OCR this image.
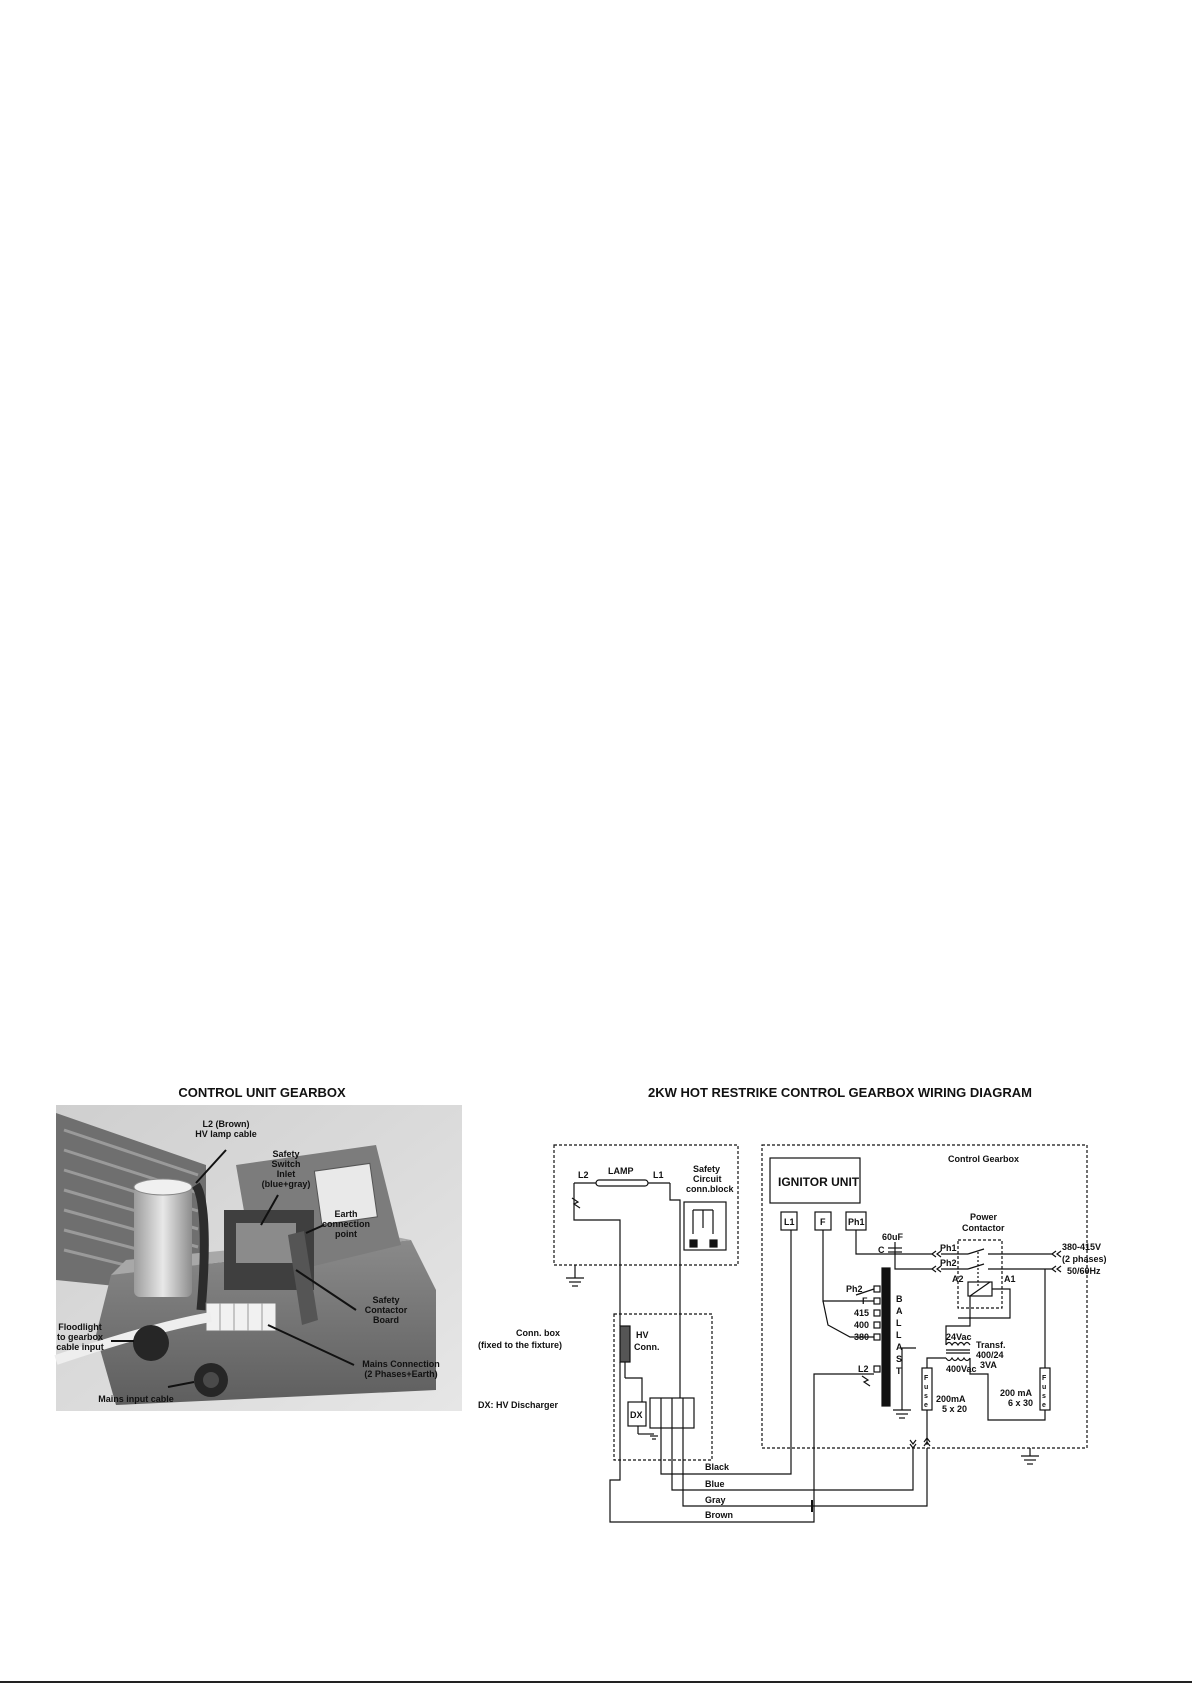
CONTROL UNIT GEARBOX	2KW HOT RESTRIKE CONTROL GEARBOX WIRING DIAGRAM
L2 (Brown)
HV lamp cable
Safety
Switch
Inlet
(blue+gray)
Earth
connection
point
Safety
Contactor
Board
Floodlight
to gearbox
cable input
Mains Connection
(2 Phases+Earth)
Mains input cable
LAMP
L2	L1
Safety
Circuit
conn.block
Conn. box
(fixed to the fixture)
HV
Conn.
DX
DX: HV Discharger
IGNITOR UNIT
L1	F	Ph1
Control Gearbox
60uF
C
Power
Contactor
Ph1
Ph2
A2	A1
380-415V
(2 phases)
50/60Hz
B
A
L
L
A
S
T
Ph2
F
415
400
380
L2
24Vac
400Vac
Transf.
400/24
3VA
F
u
s
e
F
u
s
e
200mA
5 x 20
200 mA
6 x 30
Black
Blue
Gray
Brown
